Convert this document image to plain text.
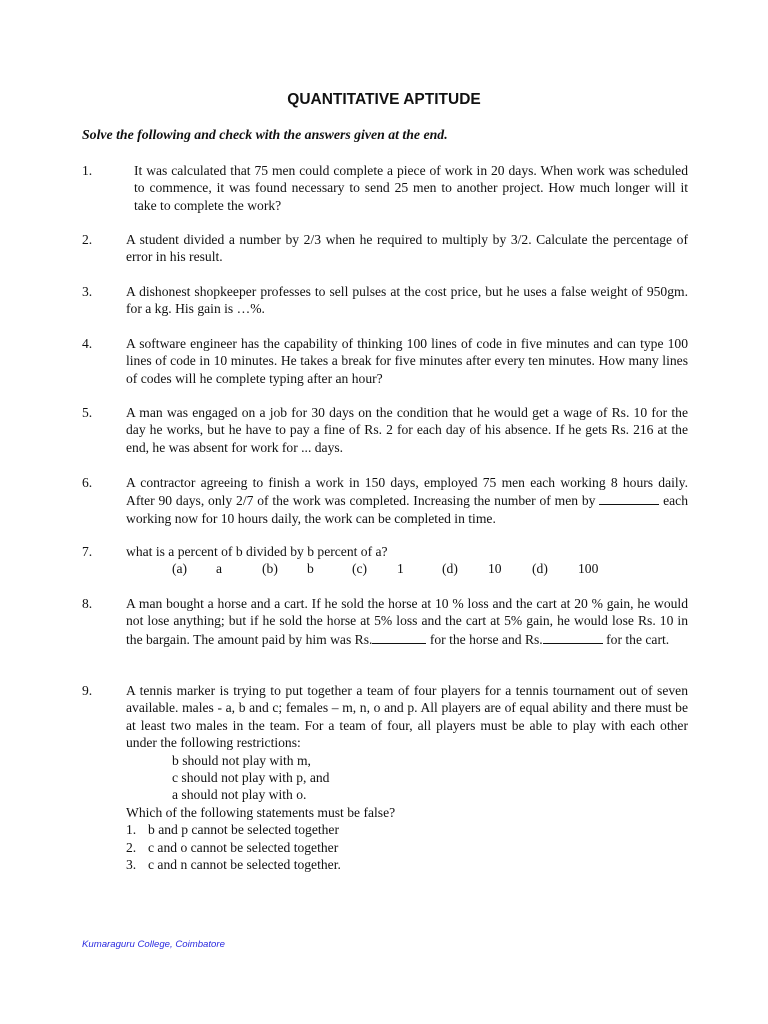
QUANTITATIVE APTITUDE
Solve the following and check with the answers given at the end.
1.	It was calculated that 75 men could complete a piece of work in 20 days. When work was scheduled to commence, it was found necessary to send 25 men to another project. How much longer will it take to complete the work?
2. A student divided a number by 2/3 when he required to multiply by 3/2. Calculate the percentage of error in his result.
3. A dishonest shopkeeper professes to sell pulses at the cost price, but he uses a false weight of 950gm. for a kg. His gain is …%.
4. A software engineer has the capability of thinking 100 lines of code in five minutes and can type 100 lines of code in 10 minutes. He takes a break for five minutes after every ten minutes. How many lines of codes will he complete typing after an hour?
5. A man was engaged on a job for 30 days on the condition that he would get a wage of Rs. 10 for the day he works, but he have to pay a fine of Rs. 2 for each day of his absence. If he gets Rs. 216 at the end, he was absent for work for ... days.
6. A contractor agreeing to finish a work in 150 days, employed 75 men each working 8 hours daily. After 90 days, only 2/7 of the work was completed. Increasing the number of men by	each working now for 10 hours daily, the work can be completed in time.
7. what is a percent of b divided by b percent of a?
(a) a	(b) b	(c) 1	(d) 10 (d) 100
8. A man bought a horse and a cart. If he sold the horse at 10 % loss and the cart at 20 % gain, he would not lose anything; but if he sold the horse at 5% loss and the cart at 5% gain, he would lose Rs. 10 in the bargain. The amount paid by him was Rs.	for the horse and Rs.	for the cart.
9. A tennis marker is trying to put together a team of four players for a tennis tournament out of seven available. males - a, b and c; females – m, n, o and p. All players are of equal ability and there must be at least two males in the team. For a team of four, all players must be able to play with each other under the following restrictions:
b should not play with m,
c should not play with p, and
a should not play with o.
Which of the following statements must be false?
1. b and p cannot be selected together
2. c and o cannot be selected together
3. c and n cannot be selected together.
Kumaraguru College, Coimbatore
